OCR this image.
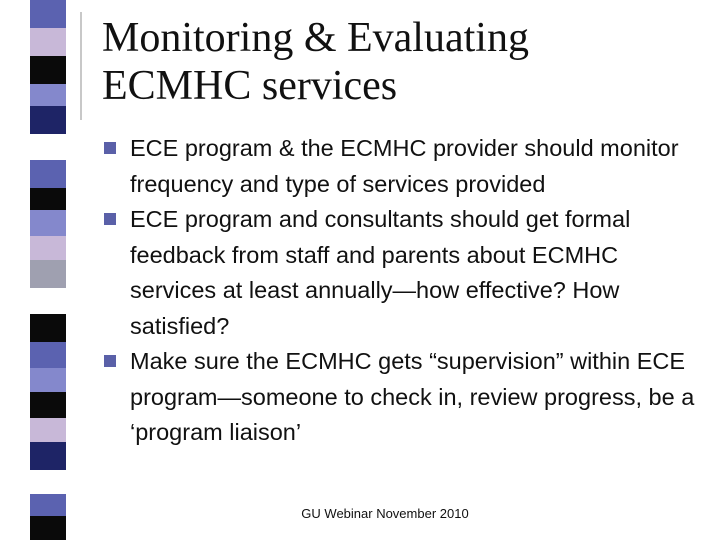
Monitoring & Evaluating
ECMHC services
ECE program & the ECMHC provider should monitor frequency and type of services provided
ECE program and consultants should get formal feedback from staff and parents about ECMHC services at least annually—how effective? How satisfied?
Make sure the ECMHC gets “supervision” within ECE program—someone to check in, review progress, be a ‘program liaison’
GU Webinar November 2010
